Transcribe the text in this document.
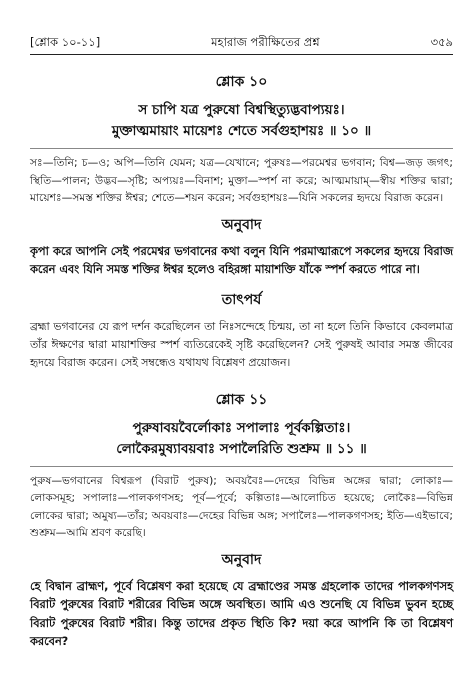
[শ্লোক ১০-১১]	মহারাজ পরীক্ষিতের প্রশ্ন	৩৫৯
শ্লোক ১০
স চাপি যত্র পুরুষো বিশ্বস্থিত্যুদ্ভবাপ্যয়ঃ।
মুক্তাত্মমায়াং মায়েশঃ শেতে সর্বগুহাশয়ঃ ॥ ১০ ॥
সঃ—তিনি; চ—ও; অপি—তিনি যেমন; যত্র—যেখানে; পুরুষঃ—পরমেশ্বর ভগবান; বিশ্ব—জড় জগৎ; স্থিতি—পালন; উদ্ভব—সৃষ্টি; অপ্যয়ঃ—বিনাশ; মুক্তা—স্পর্শ না করে; আত্মমায়াম্—স্বীয় শক্তির দ্বারা; মায়েশঃ—সমস্ত শক্তির ঈশ্বর; শেতে—শয়ন করেন; সর্বগুহাশয়ঃ—যিনি সকলের হৃদয়ে বিরাজ করেন।
অনুবাদ
কৃপা করে আপনি সেই পরমেশ্বর ভগবানের কথা বলুন যিনি পরমাত্মারূপে সকলের হৃদয়ে বিরাজ করেন এবং যিনি সমস্ত শক্তির ঈশ্বর হলেও বহিরঙ্গা মায়াশক্তি যাঁকে স্পর্শ করতে পারে না।
তাৎপর্য
ব্রহ্মা ভগবানের যে রূপ দর্শন করেছিলেন তা নিঃসন্দেহে চিন্ময়, তা না হলে তিনি কিভাবে কেবলমাত্র তাঁর ঈক্ষণের দ্বারা মায়াশক্তির স্পর্শ ব্যতিরেকেই সৃষ্টি করেছিলেন? সেই পুরুষই আবার সমস্ত জীবের হৃদয়ে বিরাজ করেন। সেই সম্বন্ধেও যথাযথ বিশ্লেষণ প্রয়োজন।
শ্লোক ১১
পুরুষাবয়বৈর্লোকাঃ সপালাঃ পূর্বকল্পিতাঃ।
লোকৈরমুষ্যাবয়বাঃ সপালৈরিতি শুশ্রুম ॥ ১১ ॥
পুরুষ—ভগবানের বিশ্বরূপ (বিরাট পুরুষ); অবয়বৈঃ—দেহের বিভিন্ন অঙ্গের দ্বারা; লোকাঃ—লোকসমূহ; সপালাঃ—পালকগণসহ; পূর্ব—পূর্বে; কল্পিতাঃ—আলোচিত হয়েছে; লোকৈঃ—বিভিন্ন লোকের দ্বারা; অমুষ্য—তাঁর; অবয়বাঃ—দেহের বিভিন্ন অঙ্গ; সপালৈঃ—পালকগণসহ; ইতি—এইভাবে; শুশ্রুম—আমি শ্রবণ করেছি।
অনুবাদ
হে বিদ্বান ব্রাহ্মণ, পূর্বে বিশ্লেষণ করা হয়েছে যে ব্রহ্মাণ্ডের সমস্ত গ্রহলোক তাদের পালকগণসহ বিরাট পুরুষের বিরাট শরীরের বিভিন্ন অঙ্গে অবস্থিত। আমি এও শুনেছি যে বিভিন্ন ভুবন হচ্ছে বিরাট পুরুষের বিরাট শরীর। কিন্তু তাদের প্রকৃত স্থিতি কি? দয়া করে আপনি কি তা বিশ্লেষণ করবেন?
